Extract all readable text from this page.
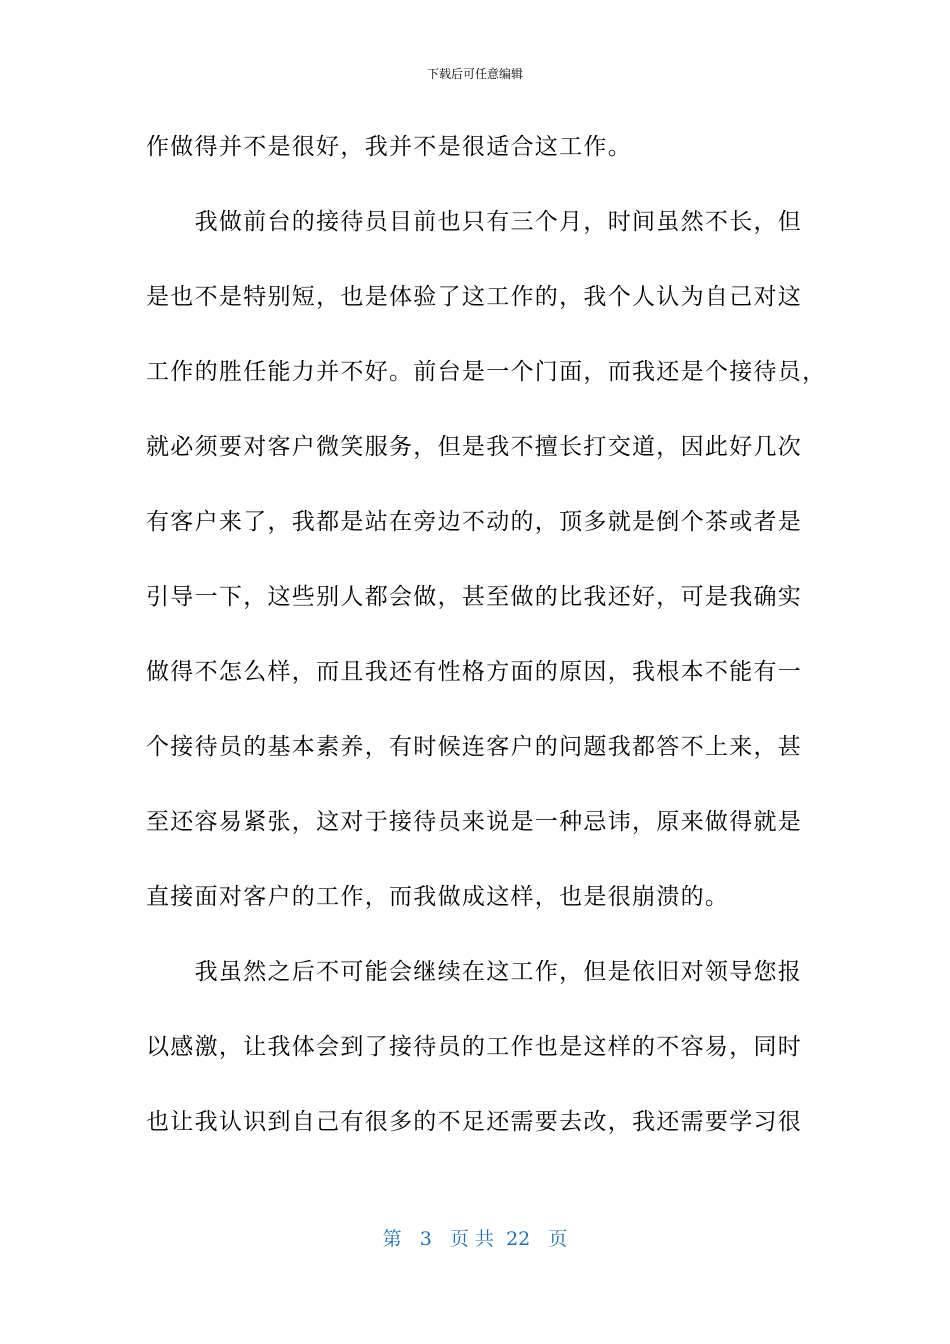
下载后可任意编辑
作做得并不是很好，我并不是很适合这工作。
　　我做前台的接待员目前也只有三个月，时间虽然不长，但
是也不是特别短，也是体验了这工作的，我个人认为自己对这
工作的胜任能力并不好。前台是一个门面，而我还是个接待员，
就必须要对客户微笑服务，但是我不擅长打交道，因此好几次
有客户来了，我都是站在旁边不动的，顶多就是倒个茶或者是
引导一下，这些别人都会做，甚至做的比我还好，可是我确实
做得不怎么样，而且我还有性格方面的原因，我根本不能有一
个接待员的基本素养，有时候连客户的问题我都答不上来，甚
至还容易紧张，这对于接待员来说是一种忌讳，原来做得就是
直接面对客户的工作，而我做成这样，也是很崩溃的。
　　我虽然之后不可能会继续在这工作，但是依旧对领导您报
以感激，让我体会到了接待员的工作也是这样的不容易，同时
也让我认识到自己有很多的不足还需要去改，我还需要学习很
第 3 页 共 22 页
